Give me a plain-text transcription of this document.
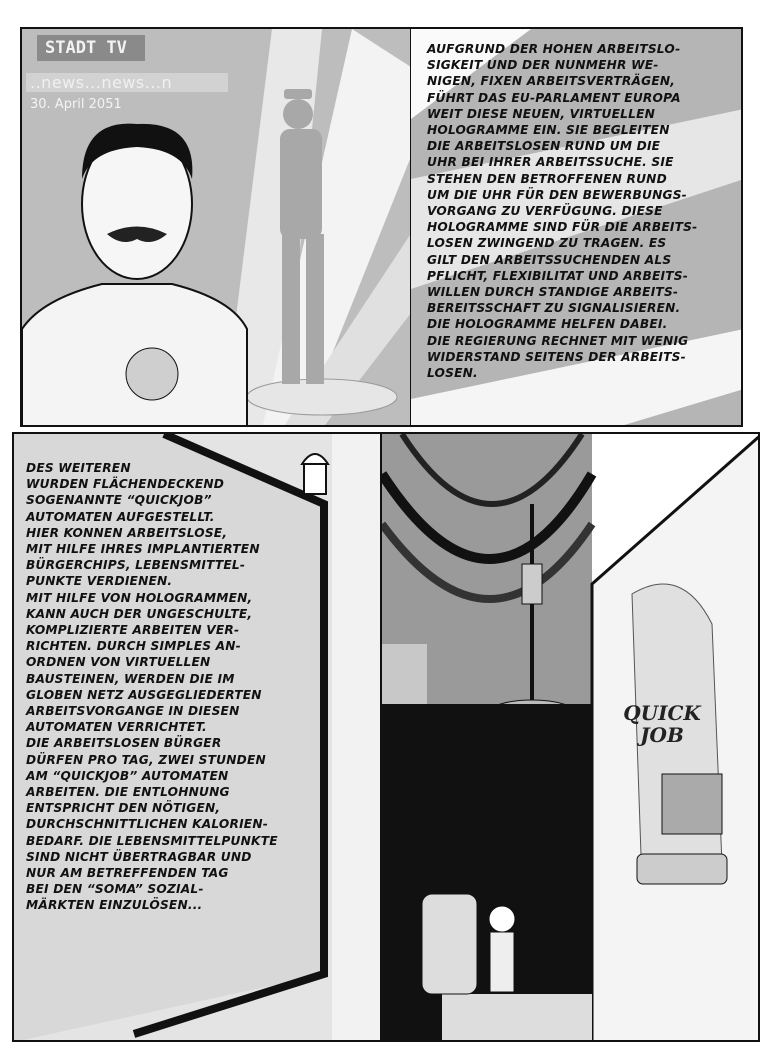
STADT TV
..news...news...n
30. April 2051
AUFGRUND DER HOHEN ARBEITSLO-
SIGKEIT UND DER NUNMEHR WE-
NIGEN, FIXEN ARBEITSVERTRÄGEN,
FÜHRT DAS EU-PARLAMENT EUROPA
WEIT DIESE NEUEN, VIRTUELLEN
HOLOGRAMME EIN. SIE BEGLEITEN
DIE ARBEITSLOSEN RUND UM DIE
UHR BEI IHRER ARBEITSSUCHE. SIE
STEHEN DEN BETROFFENEN RUND
UM DIE UHR FÜR DEN BEWERBUNGS-
VORGANG ZU VERFÜGUNG. DIESE
HOLOGRAMME SIND FÜR DIE ARBEITS-
LOSEN ZWINGEND ZU TRAGEN. ES
GILT DEN ARBEITSSUCHENDEN ALS
PFLICHT, FLEXIBILITAT UND ARBEITS-
WILLEN DURCH STANDIGE ARBEITS-
BEREITSSCHAFT ZU SIGNALISIEREN.
DIE HOLOGRAMME HELFEN DABEI.
DIE REGIERUNG RECHNET MIT WENIG
WIDERSTAND SEITENS DER ARBEITS-
LOSEN.
DES WEITEREN
WURDEN FLÄCHENDECKEND
SOGENANNTE “QUICKJOB”
AUTOMATEN AUFGESTELLT.
HIER KONNEN ARBEITSLOSE,
MIT HILFE IHRES IMPLANTIERTEN
BÜRGERCHIPS, LEBENSMITTEL-
PUNKTE VERDIENEN.
MIT HILFE VON HOLOGRAMMEN,
KANN AUCH DER UNGESCHULTE,
KOMPLIZIERTE ARBEITEN VER-
RICHTEN. DURCH SIMPLES AN-
ORDNEN VON VIRTUELLEN
BAUSTEINEN, WERDEN DIE IM
GLOBEN NETZ AUSGEGLIEDERTEN
ARBEITSVORGANGE IN DIESEN
AUTOMATEN VERRICHTET.
DIE ARBEITSLOSEN BÜRGER
DÜRFEN PRO TAG, ZWEI STUNDEN
AM “QUICKJOB” AUTOMATEN
ARBEITEN. DIE ENTLOHNUNG
ENTSPRICHT DEN NÖTIGEN,
DURCHSCHNITTLICHEN KALORIEN-
BEDARF. DIE LEBENSMITTELPUNKTE
SIND NICHT ÜBERTRAGBAR UND
NUR AM BETREFFENDEN TAG
BEI DEN “SOMA” SOZIAL-
MÄRKTEN EINZULÖSEN...
QUICK
JOB
